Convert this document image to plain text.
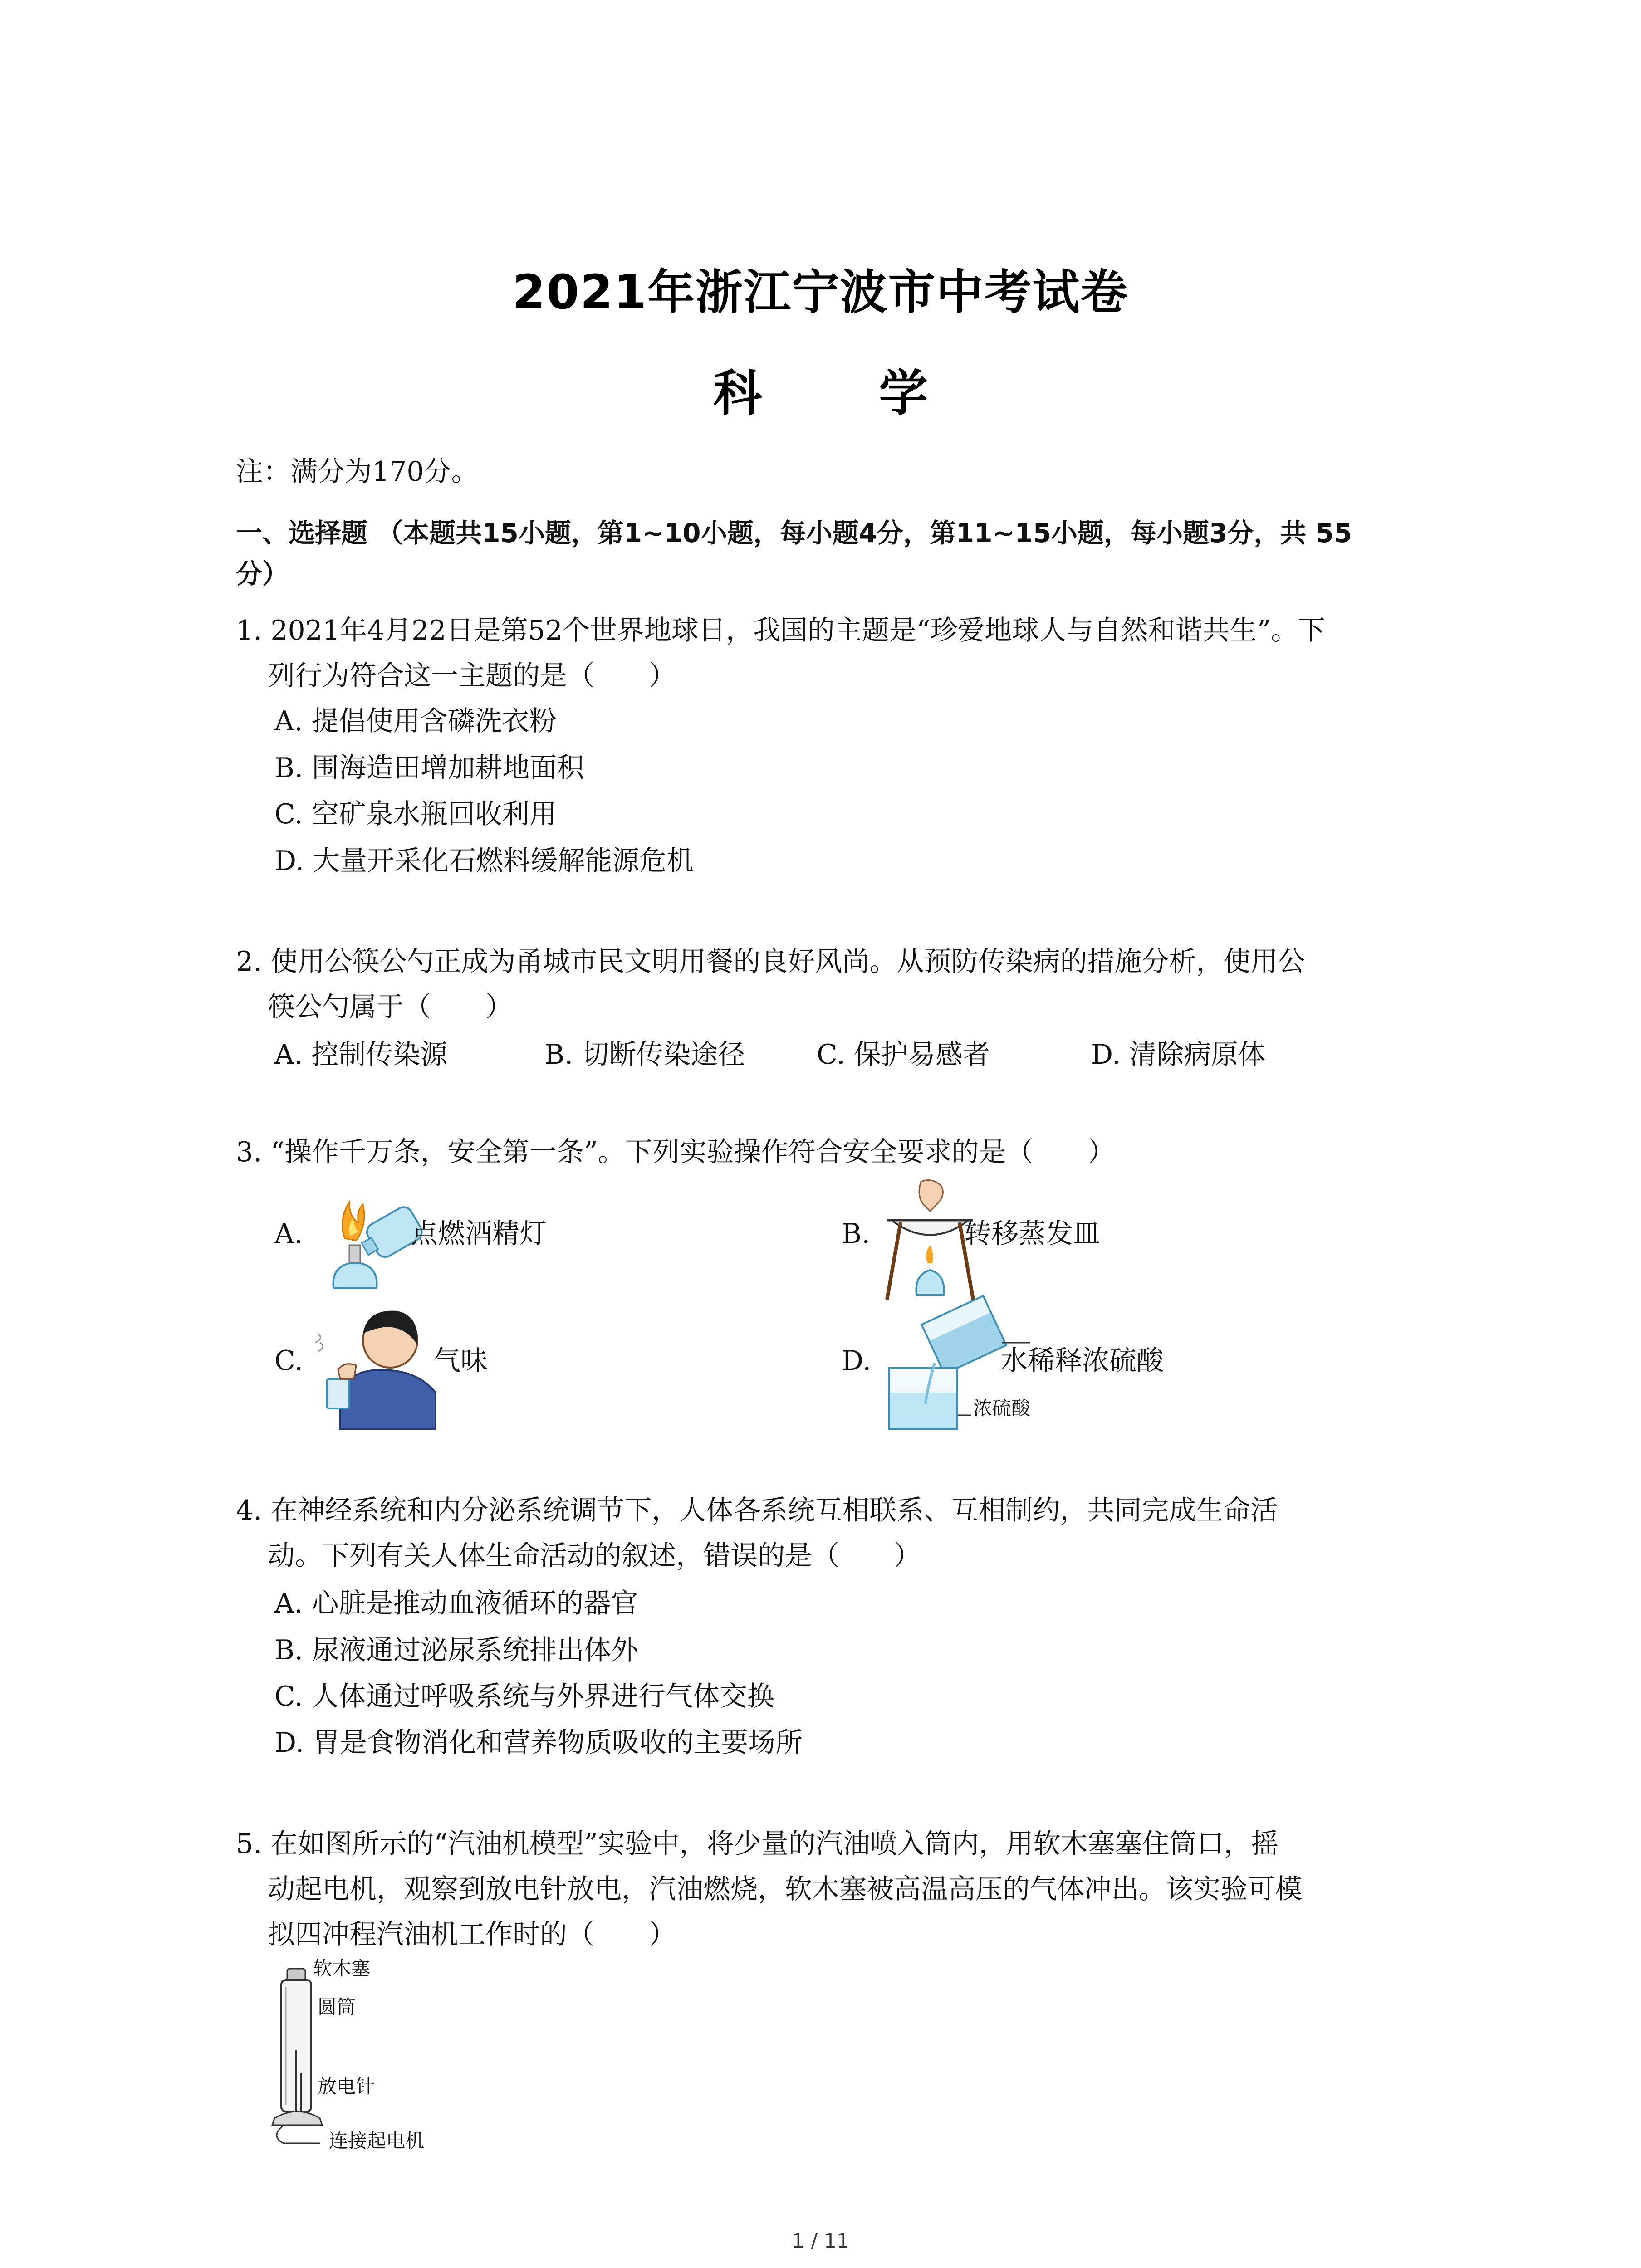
2021年浙江宁波市中考试卷
科 学
注：满分为170分。
一、选择题 （本题共15小题，第1~10小题，每小题4分，第11~15小题，每小题3分，共 55
分）
1. 2021年4月22日是第52个世界地球日，我国的主题是“珍爱地球人与自然和谐共生”。下
列行为符合这一主题的是（　　）
A. 提倡使用含磷洗衣粉
B. 围海造田增加耕地面积
C. 空矿泉水瓶回收利用
D. 大量开采化石燃料缓解能源危机
2. 使用公筷公勺正成为甬城市民文明用餐的良好风尚。从预防传染病的措施分析，使用公
筷公勺属于（　　）
A. 控制传染源	B. 切断传染途径	C. 保护易感者	D. 清除病原体
3. “操作千万条，安全第一条”。下列实验操作符合安全要求的是（　　）
A.	点燃酒精灯	B.	转移蒸发皿
C.	气味	D.	水稀释浓硫酸
浓硫酸
4. 在神经系统和内分泌系统调节下，人体各系统互相联系、互相制约，共同完成生命活
动。下列有关人体生命活动的叙述，错误的是（　　）
A. 心脏是推动血液循环的器官
B. 尿液通过泌尿系统排出体外
C. 人体通过呼吸系统与外界进行气体交换
D. 胃是食物消化和营养物质吸收的主要场所
5. 在如图所示的“汽油机模型”实验中，将少量的汽油喷入筒内，用软木塞塞住筒口，摇
动起电机，观察到放电针放电，汽油燃烧，软木塞被高温高压的气体冲出。该实验可模
拟四冲程汽油机工作时的（　　）
软木塞
圆筒
放电针
连接起电机
1 / 11
